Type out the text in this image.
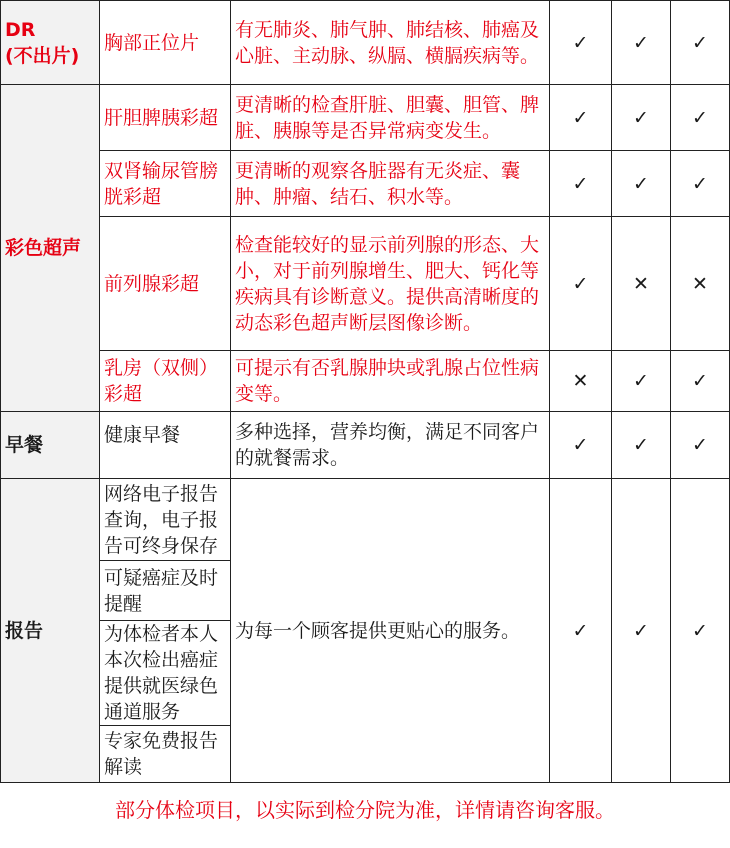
DR
(不出片)	胸部正位片	有无肺炎、肺气肿、肺结核、肺癌及心脏、主动脉、纵膈、横膈疾病等。	✓	✓	✓
彩色超声	肝胆脾胰彩超	更清晰的检查肝脏、胆囊、胆管、脾脏、胰腺等是否异常病变发生。	✓	✓	✓
	双肾输尿管膀胱彩超	更清晰的观察各脏器有无炎症、囊肿、肿瘤、结石、积水等。	✓	✓	✓
	前列腺彩超	检查能较好的显示前列腺的形态、大小，对于前列腺增生、肥大、钙化等疾病具有诊断意义。提供高清晰度的动态彩色超声断层图像诊断。	✓	✕	✕
	乳房（双侧）彩超	可提示有否乳腺肿块或乳腺占位性病变等。	✕	✓	✓
早餐	健康早餐	多种选择，营养均衡，满足不同客户的就餐需求。	✓	✓	✓
报告	网络电子报告查询，电子报告可终身保存	为每一个顾客提供更贴心的服务。	✓	✓	✓
	可疑癌症及时提醒				
	为体检者本人本次检出癌症提供就医绿色通道服务				
	专家免费报告解读				
部分体检项目，以实际到检分院为准，详情请咨询客服。
